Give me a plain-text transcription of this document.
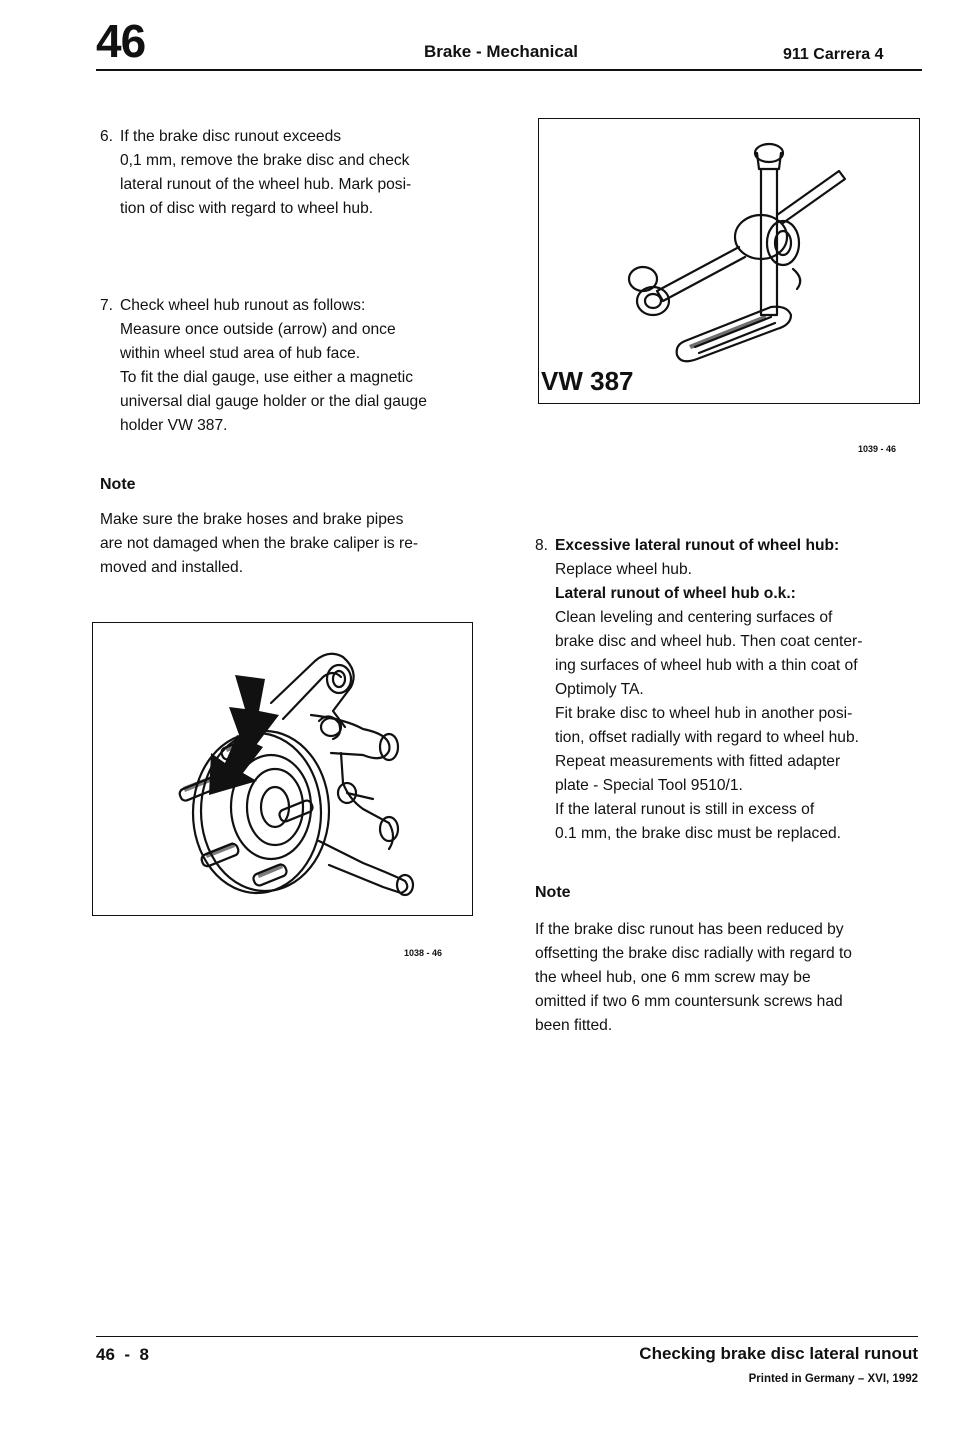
46	Brake - Mechanical	911 Carrera 4
6. If the brake disc runout exceeds
0,1 mm, remove the brake disc and check
lateral runout of the wheel hub. Mark posi-
tion of disc with regard to wheel hub.
7. Check wheel hub runout as follows:
Measure once outside (arrow) and once
within wheel stud area of hub face.
To fit the dial gauge, use either a magnetic
universal dial gauge holder or the dial gauge
holder VW 387.
Note
Make sure the brake hoses and brake pipes
are not damaged when the brake caliper is re-
moved and installed.
1038 - 46
VW 387
1039 - 46
8. Excessive lateral runout of wheel hub:
Replace wheel hub.
Lateral runout of wheel hub o.k.:
Clean leveling and centering surfaces of
brake disc and wheel hub. Then coat center-
ing surfaces of wheel hub with a thin coat of
Optimoly TA.
Fit brake disc to wheel hub in another posi-
tion, offset radially with regard to wheel hub.
Repeat measurements with fitted adapter
plate - Special Tool 9510/1.
If the lateral runout is still in excess of
0.1 mm, the brake disc must be replaced.
Note
If the brake disc runout has been reduced by
offsetting the brake disc radially with regard to
the wheel hub, one 6 mm screw may be
omitted if two 6 mm countersunk screws had
been fitted.
46  -  8	Checking brake disc lateral runout
Printed in Germany – XVI, 1992
